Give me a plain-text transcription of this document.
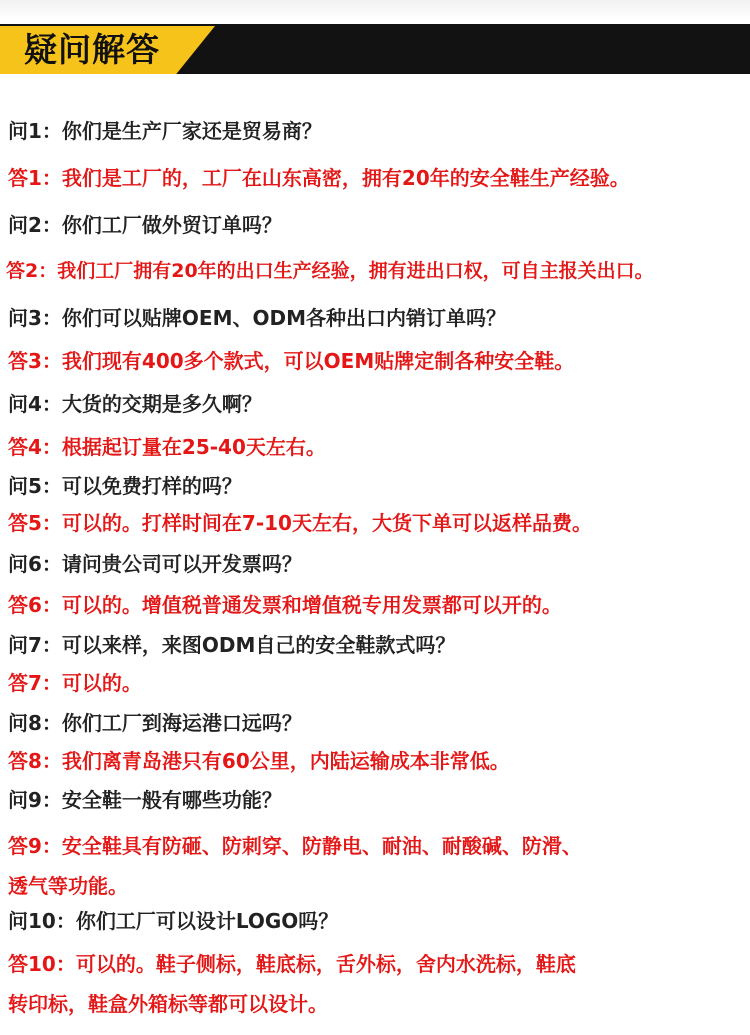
疑问解答
问1：你们是生产厂家还是贸易商？
答1：我们是工厂的，工厂在山东高密，拥有20年的安全鞋生产经验。
问2：你们工厂做外贸订单吗？
答2：我们工厂拥有20年的出口生产经验，拥有进出口权，可自主报关出口。
问3：你们可以贴牌OEM、ODM各种出口内销订单吗？
答3：我们现有400多个款式，可以OEM贴牌定制各种安全鞋。
问4：大货的交期是多久啊？
答4：根据起订量在25-40天左右。
问5：可以免费打样的吗？
答5：可以的。打样时间在7-10天左右，大货下单可以返样品费。
问6：请问贵公司可以开发票吗？
答6：可以的。增值税普通发票和增值税专用发票都可以开的。
问7：可以来样，来图ODM自己的安全鞋款式吗？
答7：可以的。
问8：你们工厂到海运港口远吗？
答8：我们离青岛港只有60公里，内陆运输成本非常低。
问9：安全鞋一般有哪些功能？
答9：安全鞋具有防砸、防刺穿、防静电、耐油、耐酸碱、防滑、
透气等功能。
问10：你们工厂可以设计LOGO吗？
答10：可以的。鞋子侧标，鞋底标，舌外标，舍内水洗标，鞋底
转印标，鞋盒外箱标等都可以设计。
